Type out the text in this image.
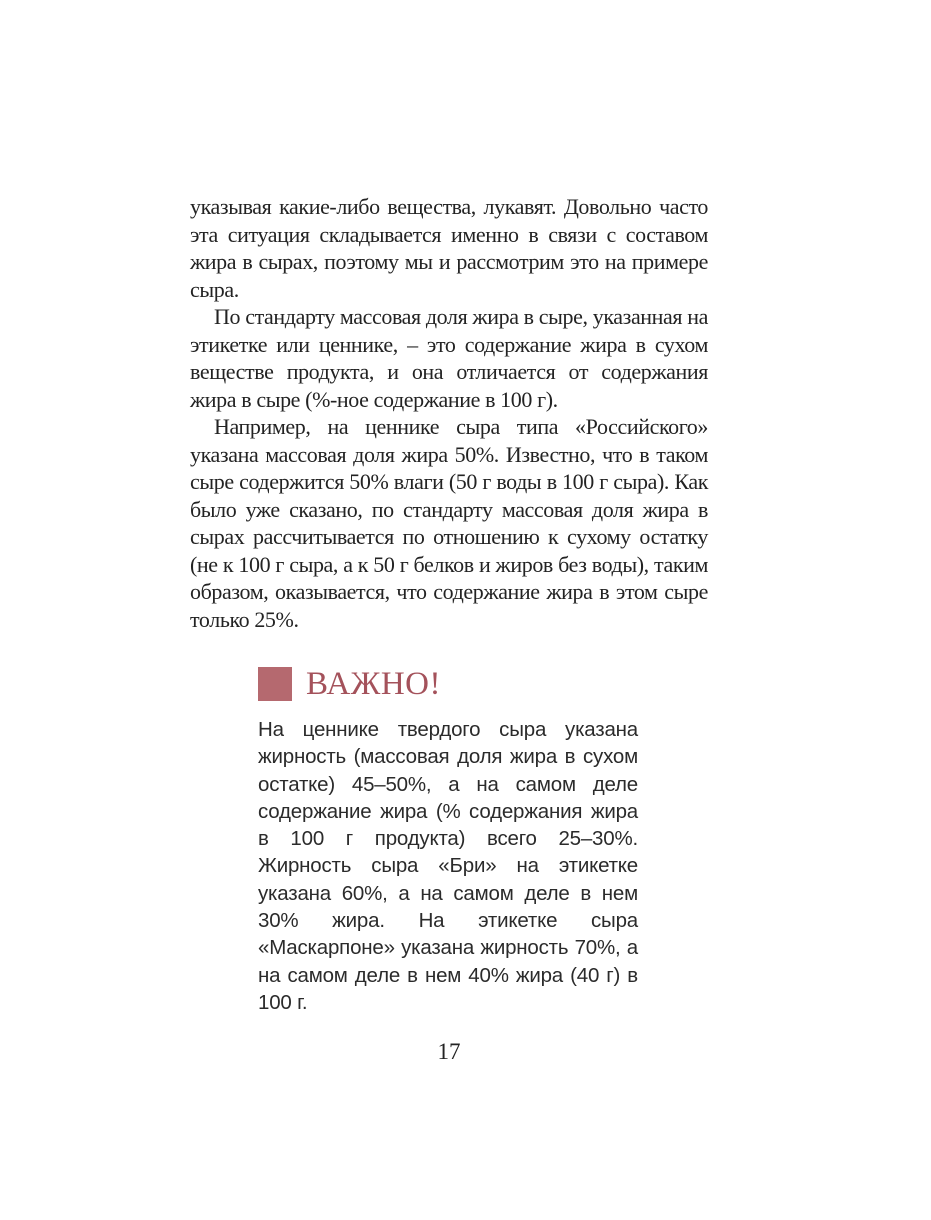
указывая какие-либо вещества, лукавят. Довольно часто эта ситуация складывается именно в связи с составом жира в сырах, поэтому мы и рассмотрим это на примере сыра.
По стандарту массовая доля жира в сыре, указанная на этикетке или ценнике, – это содержание жира в сухом веществе продукта, и она отличается от содержания жира в сыре (%-ное содержание в 100 г).
Например, на ценнике сыра типа «Российского» указана массовая доля жира 50%. Известно, что в таком сыре содержится 50% влаги (50 г воды в 100 г сыра). Как было уже сказано, по стандарту массовая доля жира в сырах рассчитывается по отношению к сухому остатку (не к 100 г сыра, а к 50 г белков и жиров без воды), таким образом, оказывается, что содержание жира в этом сыре только 25%.
ВАЖНО!
На ценнике твердого сыра указана жирность (массовая доля жира в сухом остатке) 45–50%, а на самом деле содержание жира (% содержания жира в 100 г продукта) всего 25–30%. Жирность сыра «Бри» на этикетке указана 60%, а на самом деле в нем 30% жира. На этикетке сыра «Маскарпоне» указана жирность 70%, а на самом деле в нем 40% жира (40 г) в 100 г.
17
